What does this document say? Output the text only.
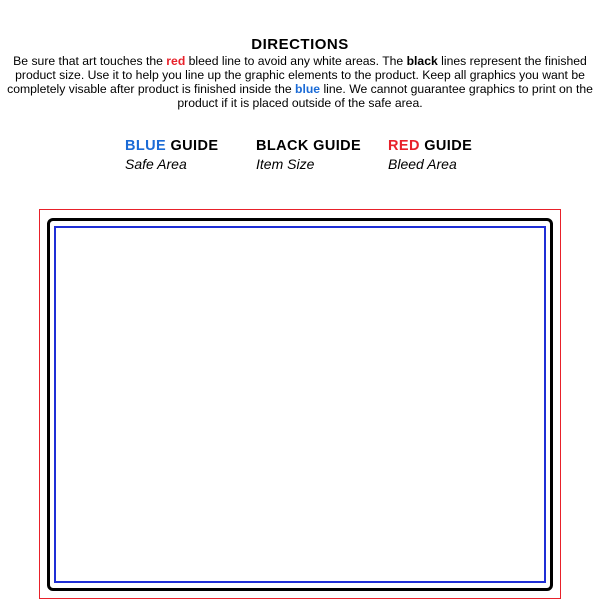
DIRECTIONS
Be sure that art touches the red bleed line to avoid any white areas. The black lines represent the finished product size. Use it to help you line up the graphic elements to the product. Keep all graphics you want be completely visable after product is finished inside the blue line. We cannot guarantee graphics to print on the product if it is placed outside of the safe area.
BLUE GUIDE
Safe Area
BLACK GUIDE
Item Size
RED GUIDE
Bleed Area
